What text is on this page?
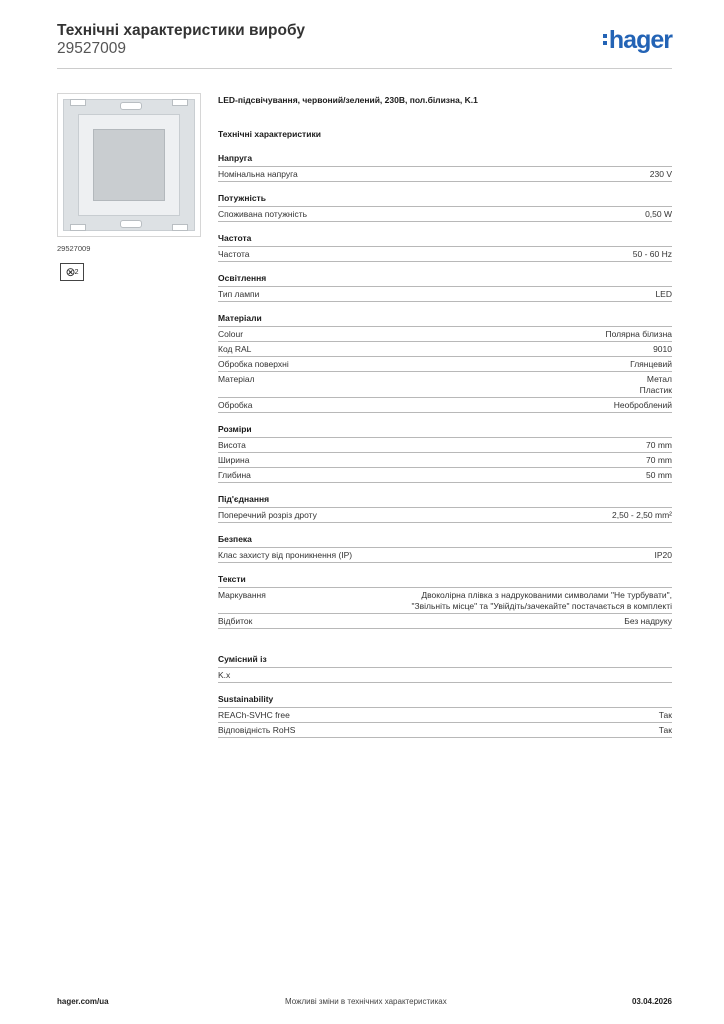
Технічні характеристики виробу
29527009	hager
29527009
⊗ 2
LED-підсвічування, червоний/зелений, 230В, пол.білизна, K.1
Технічні характеристики
Напруга
Номінальна напруга	230 V
Потужність
Споживана потужність	0,50 W
Частота
Частота	50 - 60 Hz
Освітлення
Тип лампи	LED
Матеріали
Colour	Полярна білизна
Код RAL	9010
Обробка поверхні	Глянцевий
Матеріал	Метал
Пластик
Обробка	Необроблений
Розміри
Висота	70 mm
Ширина	70 mm
Глибина	50 mm
Під'єднання
Поперечний розріз дроту	2,50 - 2,50 mm²
Безпека
Клас захисту від проникнення (IP)	IP20
Тексти
Маркування	Двоколірна плівка з надрукованими символами "Не турбувати",
"Звільніть місце" та "Увійдіть/зачекайте" постачається в комплекті
Відбиток	Без надруку
Сумісний із
K.x
Sustainability
REACh-SVHC free	Так
Відповідність RoHS	Так
hager.com/ua	Можливі зміни в технічних характеристиках	03.04.2026
